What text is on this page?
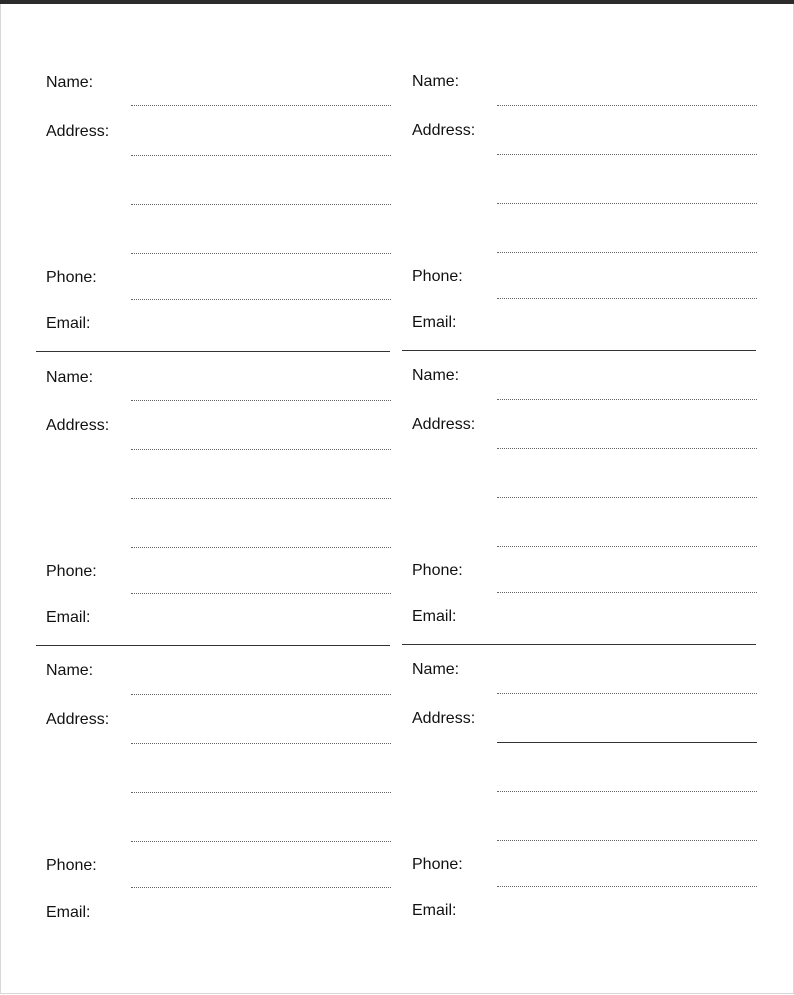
Name:
Address:
Phone:
Email:
Name:
Address:
Phone:
Email:
Name:
Address:
Phone:
Email:
Name:
Address:
Phone:
Email:
Name:
Address:
Phone:
Email:
Name:
Address:
Phone:
Email:
